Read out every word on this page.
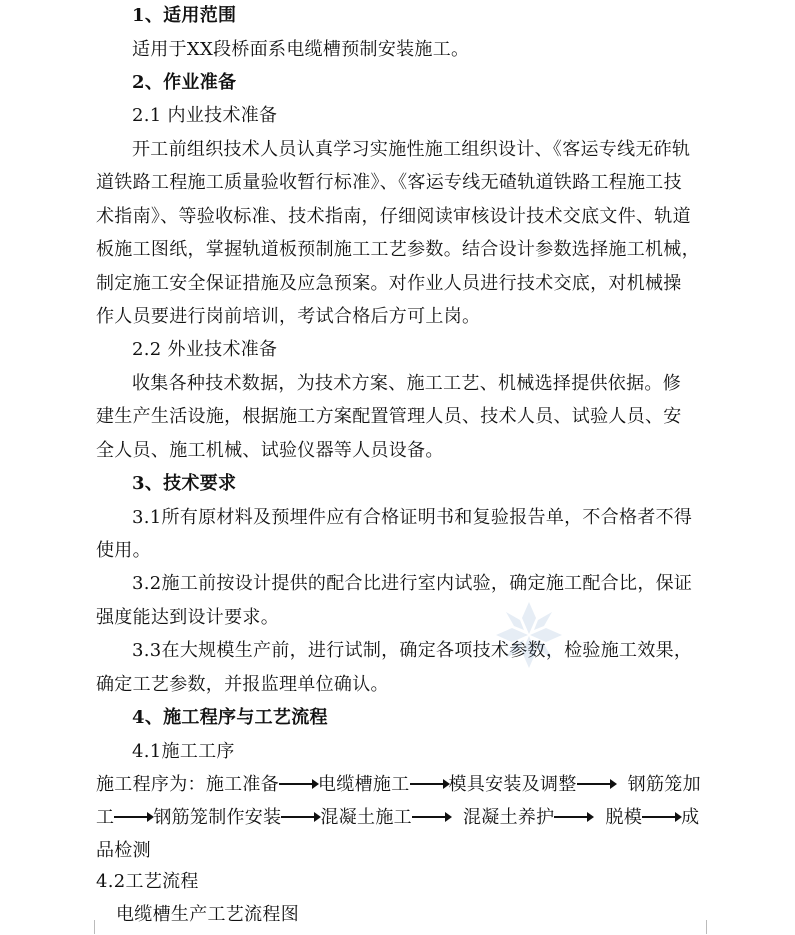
1、适用范围
适用于XX段桥面系电缆槽预制安装施工。
2、作业准备
2.1 内业技术准备
开工前组织技术人员认真学习实施性施工组织设计、《客运专线无砟轨
道铁路工程施工质量验收暂行标准》、《客运专线无碴轨道铁路工程施工技
术指南》、等验收标准、技术指南，仔细阅读审核设计技术交底文件、轨道
板施工图纸，掌握轨道板预制施工工艺参数。结合设计参数选择施工机械，
制定施工安全保证措施及应急预案。对作业人员进行技术交底，对机械操
作人员要进行岗前培训，考试合格后方可上岗。
2.2 外业技术准备
收集各种技术数据，为技术方案、施工工艺、机械选择提供依据。修
建生产生活设施，根据施工方案配置管理人员、技术人员、试验人员、安
全人员、施工机械、试验仪器等人员设备。
3、技术要求
3.1所有原材料及预埋件应有合格证明书和复验报告单，不合格者不得
使用。
3.2施工前按设计提供的配合比进行室内试验，确定施工配合比，保证
强度能达到设计要求。
3.3在大规模生产前，进行试制，确定各项技术参数，检验施工效果，
确定工艺参数，并报监理单位确认。
4、施工程序与工艺流程
4.1施工工序
施工程序为：施工准备 电缆槽施工 模具安装及调整	钢筋笼加
工 钢筋笼制作安装 混凝土施工	混凝土养护	脱模 成
品检测
4.2工艺流程
电缆槽生产工艺流程图
